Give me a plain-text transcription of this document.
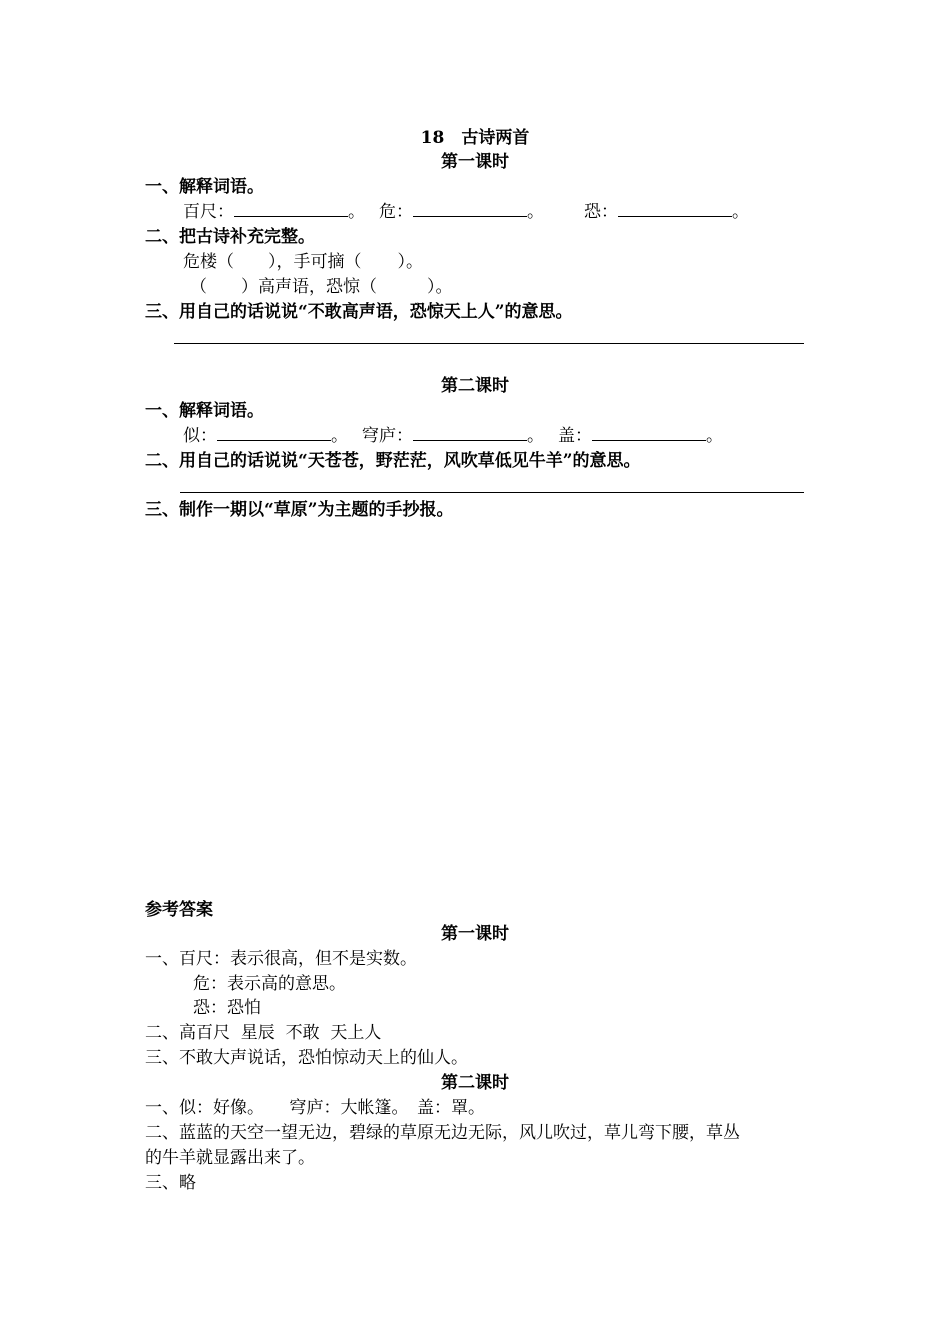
18　古诗两首
第一课时
一、解释词语。
百尺：	。 危：	。 恐：	。
二、把古诗补充完整。
危楼（ ），手可摘（ ）。
（ ）高声语，恐惊（	）。
三、用自己的话说说“不敢高声语，恐惊天上人”的意思。
第二课时
一、解释词语。
似：	。 穹庐：	。 盖：	。
二、用自己的话说说“天苍苍，野茫茫，风吹草低见牛羊”的意思。
三、制作一期以“草原”为主题的手抄报。
参考答案
第一课时
一、百尺：表示很高，但不是实数。
危：表示高的意思。
恐：恐怕
二、高百尺  星辰  不敢  天上人
三、不敢大声说话，恐怕惊动天上的仙人。
第二课时
一、似：好像。　　穹庐：大帐篷。　盖：罩。
二、蓝蓝的天空一望无边，碧绿的草原无边无际，风儿吹过，草儿弯下腰，草丛
的牛羊就显露出来了。
三、略
